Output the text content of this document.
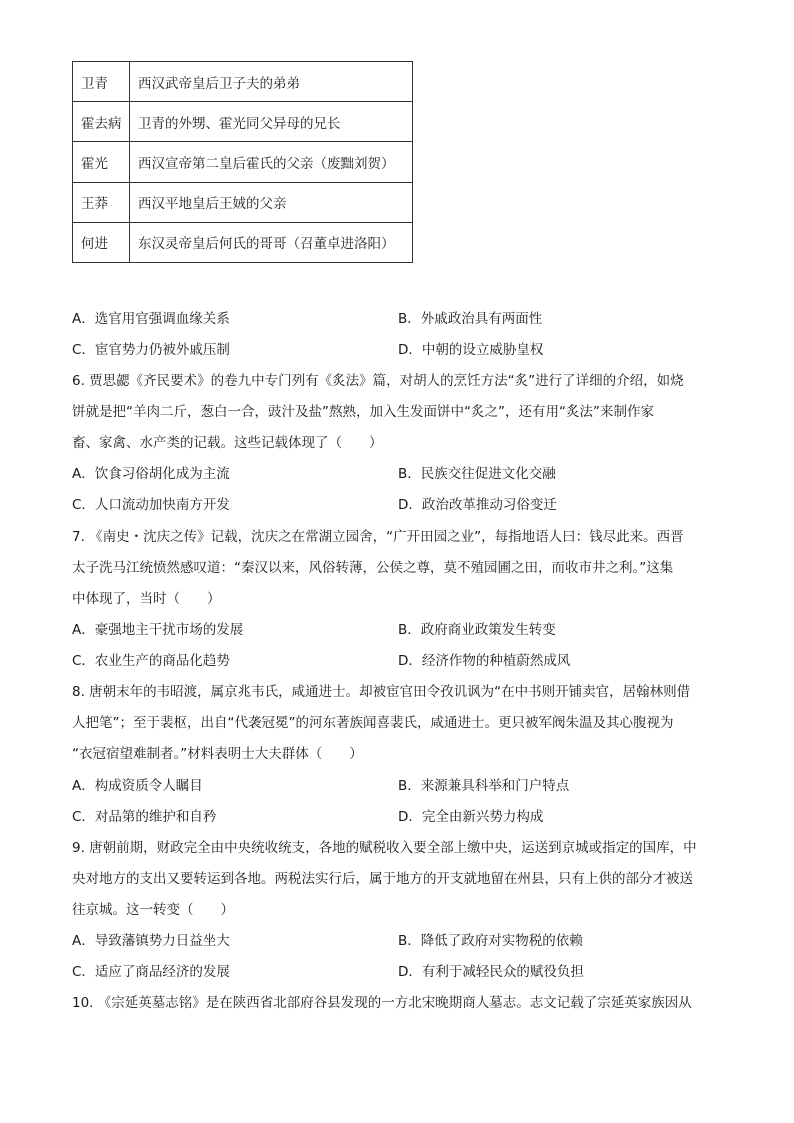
卫青	西汉武帝皇后卫子夫的弟弟
霍去病	卫青的外甥、霍光同父异母的兄长
霍光	西汉宣帝第二皇后霍氏的父亲（废黜刘贺）
王莽	西汉平地皇后王娀的父亲
何进	东汉灵帝皇后何氏的哥哥（召董卓进洛阳）
A．选官用官强调血缘关系	B．外戚政治具有两面性
C．宦官势力仍被外戚压制	D．中朝的设立威胁皇权
6. 贾思勰《齐民要术》的卷九中专门列有《炙法》篇，对胡人的烹饪方法“炙”进行了详细的介绍，如烧
饼就是把“羊肉二斤，葱白一合，豉汁及盐”熬熟，加入生发面饼中“炙之”，还有用“炙法”来制作家
畜、家禽、水产类的记载。这些记载体现了（　　）
A．饮食习俗胡化成为主流	B．民族交往促进文化交融
C．人口流动加快南方开发	D．政治改革推动习俗变迁
7. 《南史・沈庆之传》记载，沈庆之在常湖立园舍，“广开田园之业”，每指地语人曰：钱尽此来。西晋
太子洗马江统愤然感叹道：“秦汉以来，风俗转薄，公侯之尊，莫不殖园圃之田，而收市井之利。”这集
中体现了，当时（　　）
A．豪强地主干扰市场的发展	B．政府商业政策发生转变
C．农业生产的商品化趋势	D．经济作物的种植蔚然成风
8. 唐朝末年的韦昭渡，属京兆韦氏，咸通进士。却被宦官田令孜讥讽为“在中书则开铺卖官，居翰林则借
人把笔”；至于裴枢，出自“代袭冠冕”的河东著族闻喜裴氏，咸通进士。更只被军阀朱温及其心腹视为
“衣冠宿望难制者。”材料表明士大夫群体（　　）
A．构成资质令人瞩目	B．来源兼具科举和门户特点
C．对品第的维护和自矜	D．完全由新兴势力构成
9. 唐朝前期，财政完全由中央统收统支，各地的赋税收入要全部上缴中央，运送到京城或指定的国库，中
央对地方的支出又要转运到各地。两税法实行后，属于地方的开支就地留在州县，只有上供的部分才被送
往京城。这一转变（　　）
A．导致藩镇势力日益坐大	B．降低了政府对实物税的依赖
C．适应了商品经济的发展	D．有利于减轻民众的赋役负担
10. 《宗延英墓志铭》是在陕西省北部府谷县发现的一方北宋晚期商人墓志。志文记载了宗延英家族因从
